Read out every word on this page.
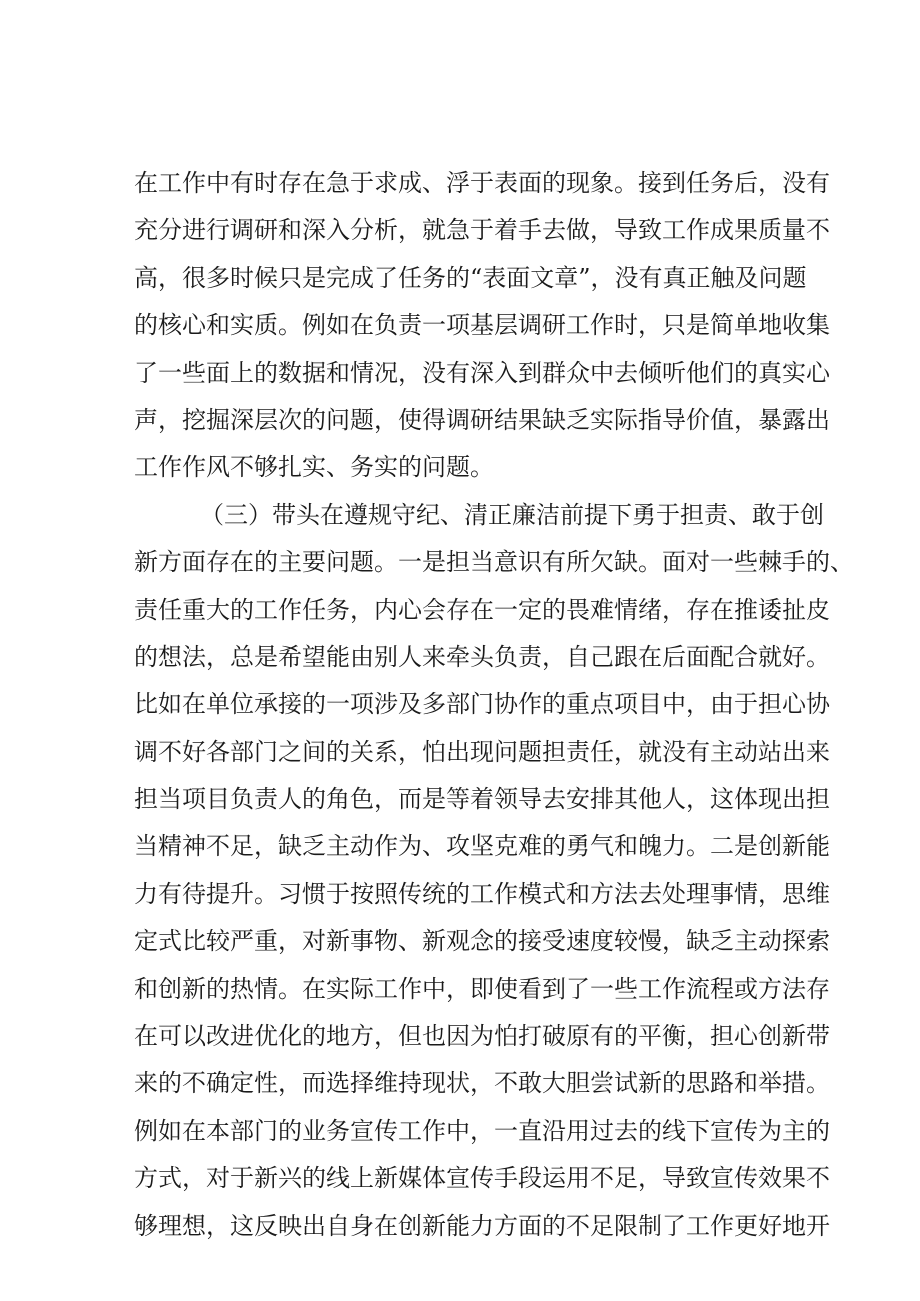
在工作中有时存在急于求成、浮于表面的现象。接到任务后，没有
充分进行调研和深入分析，就急于着手去做，导致工作成果质量不
高，很多时候只是完成了任务的“表面文章”，没有真正触及问题
的核心和实质。例如在负责一项基层调研工作时，只是简单地收集
了一些面上的数据和情况，没有深入到群众中去倾听他们的真实心
声，挖掘深层次的问题，使得调研结果缺乏实际指导价值，暴露出
工作作风不够扎实、务实的问题。
（三）带头在遵规守纪、清正廉洁前提下勇于担责、敢于创
新方面存在的主要问题。一是担当意识有所欠缺。面对一些棘手的、
责任重大的工作任务，内心会存在一定的畏难情绪，存在推诿扯皮
的想法，总是希望能由别人来牵头负责，自己跟在后面配合就好。
比如在单位承接的一项涉及多部门协作的重点项目中，由于担心协
调不好各部门之间的关系，怕出现问题担责任，就没有主动站出来
担当项目负责人的角色，而是等着领导去安排其他人，这体现出担
当精神不足，缺乏主动作为、攻坚克难的勇气和魄力。二是创新能
力有待提升。习惯于按照传统的工作模式和方法去处理事情，思维
定式比较严重，对新事物、新观念的接受速度较慢，缺乏主动探索
和创新的热情。在实际工作中，即使看到了一些工作流程或方法存
在可以改进优化的地方，但也因为怕打破原有的平衡，担心创新带
来的不确定性，而选择维持现状，不敢大胆尝试新的思路和举措。
例如在本部门的业务宣传工作中，一直沿用过去的线下宣传为主的
方式，对于新兴的线上新媒体宣传手段运用不足，导致宣传效果不
够理想，这反映出自身在创新能力方面的不足限制了工作更好地开
